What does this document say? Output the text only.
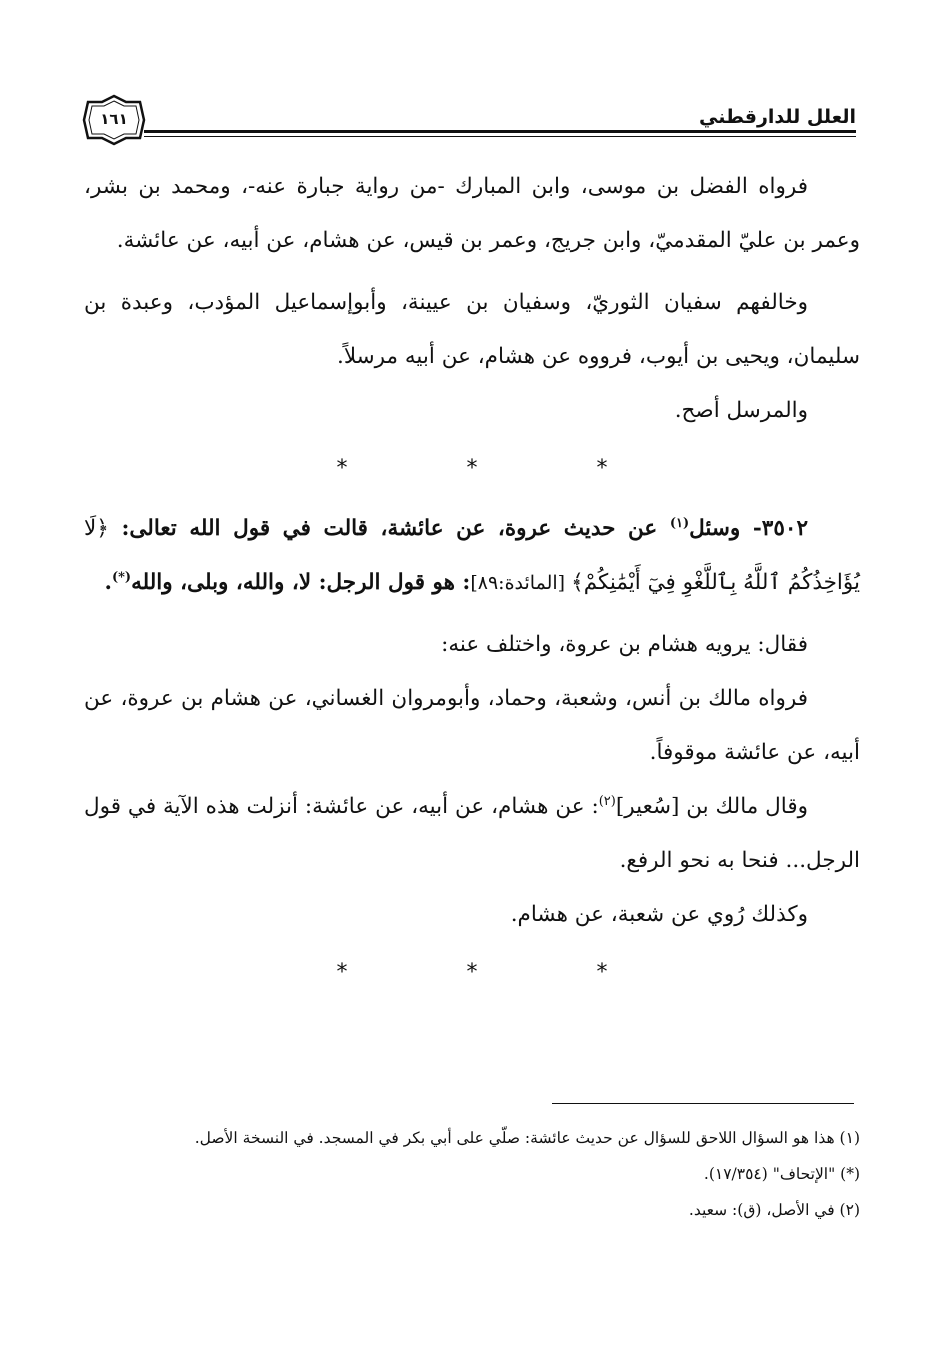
العلل للدارقطني
١٦١

فرواه الفضل بن موسى، وابن المبارك -من رواية جبارة عنه-، ومحمد بن بشر، وعمر بن عليّ المقدميّ، وابن جريج، وعمر بن قيس، عن هشام، عن أبيه، عن عائشة.

وخالفهم سفيان الثوريّ، وسفيان بن عيينة، وأبوإسماعيل المؤدب، وعبدة بن سليمان، ويحيى بن أيوب، فرووه عن هشام، عن أبيه مرسلاً.

والمرسل أصح.

* * *

٣٥٠٢- وسئل$^{(١)}$ عن حديث عروة، عن عائشة، قالت في قول الله تعالى: ﴿لَا يُؤَاخِذُكُمُ ٱللَّهُ بِٱللَّغْوِ فِيٓ أَيْمَٰنِكُمْ﴾ [المائدة:٨٩]: هو قول الرجل: لا، والله، وبلى، والله(*).

فقال: يرويه هشام بن عروة، واختلف عنه:

فرواه مالك بن أنس، وشعبة، وحماد، وأبومروان الغساني، عن هشام بن عروة، عن أبيه، عن عائشة موقوفاً.

وقال مالك بن [سُعير]$^{(٢)}$: عن هشام، عن أبيه، عن عائشة: أنزلت هذه الآية في قول الرجل... فنحا به نحو الرفع.

وكذلك رُوي عن شعبة، عن هشام.

* * *

(١) هذا هو السؤال اللاحق للسؤال عن حديث عائشة: صلّي على أبي بكر في المسجد. في النسخة الأصل.

(*) "الإتحاف" (١٧/٣٥٤).

(٢) في الأصل، (ق): سعيد.
